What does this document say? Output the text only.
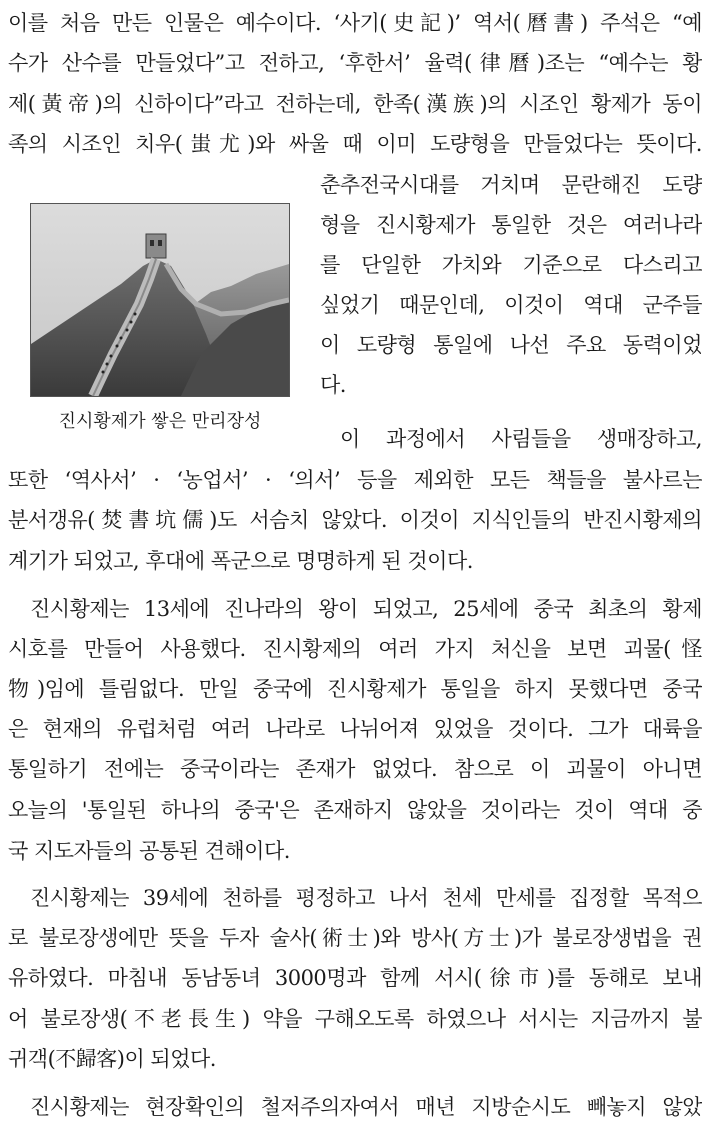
이를 처음 만든 인물은 예수이다. ‘사기(史記)’ 역서(曆書) 주석은 “예
수가 산수를 만들었다”고 전하고, ‘후한서’ 율력(律曆)조는 “예수는 황
제(黃帝)의 신하이다”라고 전하는데, 한족(漢族)의 시조인 황제가 동이
족의 시조인 치우(蚩尤)와 싸울 때 이미 도량형을 만들었다는 뜻이다.
진시황제가 쌓은 만리장성
춘추전국시대를 거치며 문란해진 도량
형을 진시황제가 통일한 것은 여러나라
를 단일한 가치와 기준으로 다스리고
싶었기 때문인데, 이것이 역대 군주들
이 도량형 통일에 나선 주요 동력이었
다.
이 과정에서 사림들을 생매장하고,
또한 ‘역사서’ · ‘농업서’ · ‘의서’ 등을 제외한 모든 책들을 불사르는
분서갱유(焚書坑儒)도 서슴치 않았다. 이것이 지식인들의 반진시황제의
계기가 되었고, 후대에 폭군으로 명명하게 된 것이다.
진시황제는 13세에 진나라의 왕이 되었고, 25세에 중국 최초의 황제
시호를 만들어 사용했다. 진시황제의 여러 가지 처신을 보면 괴물(怪
物)임에 틀림없다. 만일 중국에 진시황제가 통일을 하지 못했다면 중국
은 현재의 유럽처럼 여러 나라로 나뉘어져 있었을 것이다. 그가 대륙을
통일하기 전에는 중국이라는 존재가 없었다. 참으로 이 괴물이 아니면
오늘의 '통일된 하나의 중국'은 존재하지 않았을 것이라는 것이 역대 중
국 지도자들의 공통된 견해이다.
진시황제는 39세에 천하를 평정하고 나서 천세 만세를 집정할 목적으
로 불로장생에만 뜻을 두자 술사(術士)와 방사(方士)가 불로장생법을 권
유하였다. 마침내 동남동녀 3000명과 함께 서시(徐市)를 동해로 보내
어 불로장생(不老長生) 약을 구해오도록 하였으나 서시는 지금까지 불
귀객(不歸客)이 되었다.
진시황제는 현장확인의 철저주의자여서 매년 지방순시도 빼놓지 않았
